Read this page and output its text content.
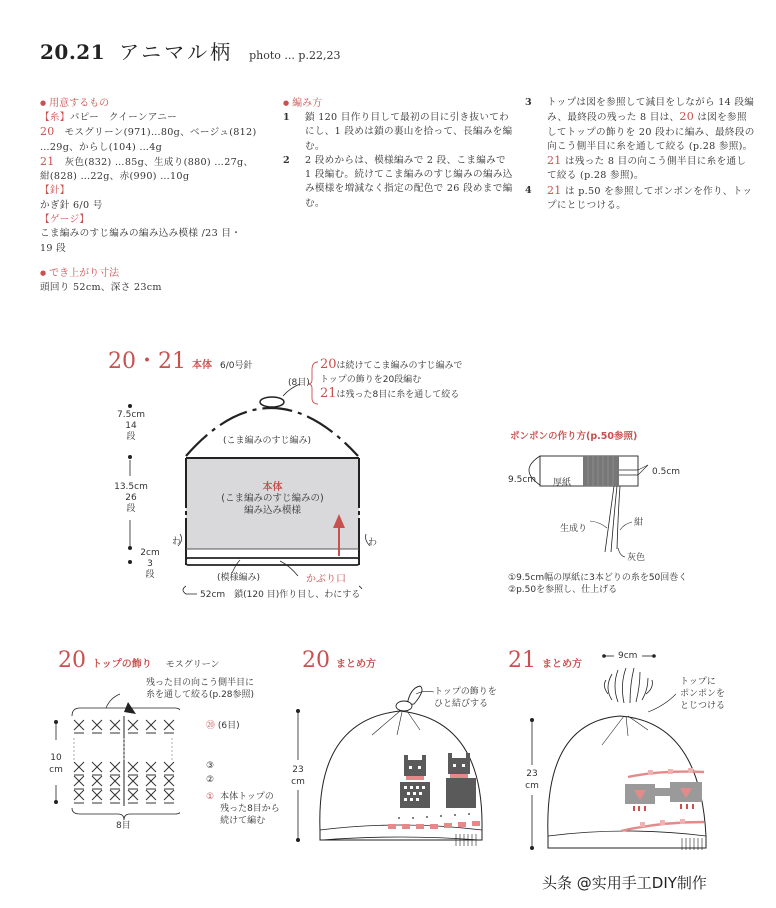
20.21 アニマル柄 photo ... p.22,23
● 用意するもの
【糸】パピー　クイーンアニー
20　モスグリーン(971)…80g、ベージュ(812)
…29g、からし(104) …4g
21　灰色(832) …85g、生成り(880) …27g、
紺(828) …22g、赤(990) …10g
【針】
かぎ針 6/0 号
【ゲージ】
こま編みのすじ編みの編み込み模様 /23 目・
19 段
● でき上がり寸法
頭回り 52cm、深さ 23cm
● 編み方
1	鎖 120 目作り目して最初の目に引き抜いてわにし、1 段めは鎖の裏山を拾って、長編みを編む。
2	2 段めからは、模様編みで 2 段、こま編みで 1 段編む。続けてこま編みのすじ編みの編み込み模様を増減なく指定の配色で 26 段めまで編む。
3	トップは図を参照して減目をしながら 14 段編み、最終段の残った 8 目は、20 は図を参照してトップの飾りを 20 段わに編み、最終段の向こう側半目に糸を通して絞る (p.28 参照)。21 は残った 8 目の向こう側半目に糸を通して絞る (p.28 参照)。
4	21 は p.50 を参照してポンポンを作り、トップにとじつける。
20・21 本体 6/0号針
(8目)
20は続けてこま編みのすじ編みで
トップの飾りを20段編む
21は残った8目に糸を通して絞る
(こま編みのすじ編み)
本体
(こま編みのすじ編みの)
編み込み模様
7.5cm
14
段
13.5cm
26
段
2cm
3
段
わ	わ
(模様編み)	かぶり口
52cm　鎖(120 目)作り目し、わにする
ポンポンの作り方(p.50参照)
9.5cm 厚紙
0.5cm
生成り
紺
灰色
①9.5cm幅の厚紙に3本どりの糸を50回巻く
②p.50を参照し、仕上げる
20 トップの飾り モスグリーン
残った目の向こう側半目に
糸を通して絞る(p.28参照)
10
cm
8目
⑳ (6目)
③
②
① 本体トップの
残った8目から
続けて編む
20 まとめ方
トップの飾りを
ひと結びする
23
cm
21 まとめ方
9cm
トップに
ポンポンを
とじつける
23
cm
头条 @实用手工DIY制作
